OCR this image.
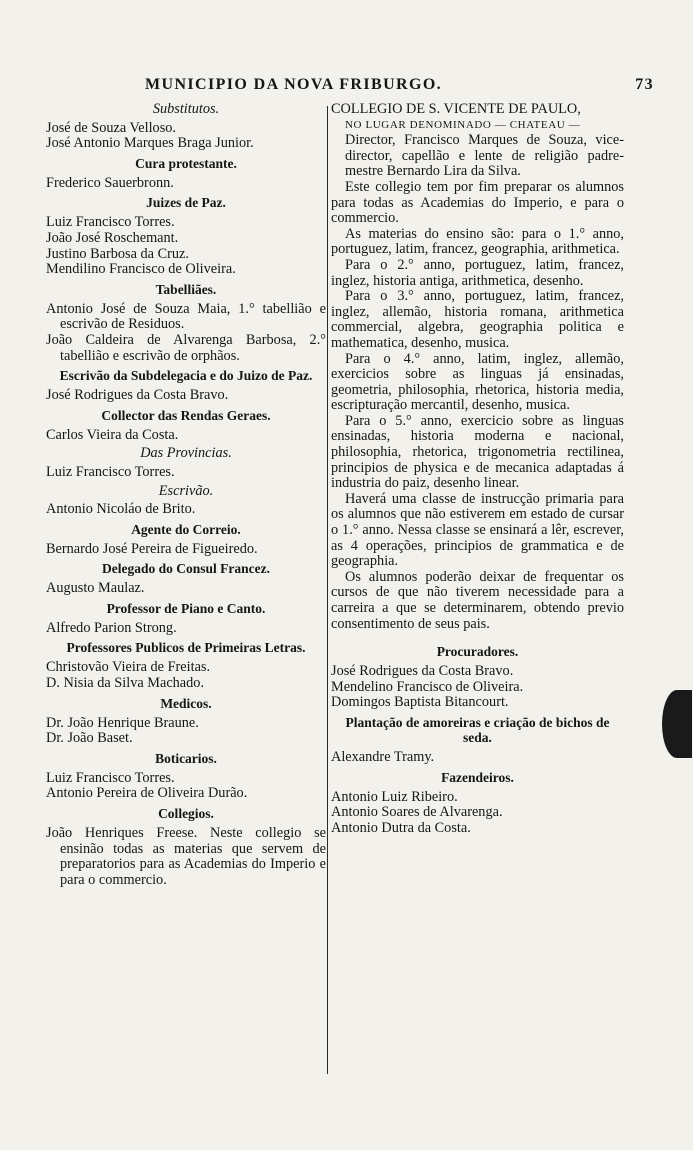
MUNICIPIO DA NOVA FRIBURGO.	73
Substitutos.

José de Souza Velloso.

José Antonio Marques Braga Junior.

Cura protestante.

Frederico Sauerbronn.

Juizes de Paz.

Luiz Francisco Torres.

João José Roschemant.

Justino Barbosa da Cruz.

Mendilino Francisco de Oliveira.

Tabelliães.

Antonio José de Souza Maia, 1.° tabellião e escrivão de Residuos.

João Caldeira de Alvarenga Barbosa, 2.° tabellião e escrivão de orphãos.

Escrivão da Subdelegacia e do Juizo de Paz.

José Rodrigues da Costa Bravo.

Collector das Rendas Geraes.

Carlos Vieira da Costa.

Das Provincias.

Luiz Francisco Torres.

Escrivão.

Antonio Nicoláo de Brito.

Agente do Correio.

Bernardo José Pereira de Figueiredo.

Delegado do Consul Francez.

Augusto Maulaz.

Professor de Piano e Canto.

Alfredo Parion Strong.

Professores Publicos de Primeiras Letras.

Christovão Vieira de Freitas.

D. Nisia da Silva Machado.

Medicos.

Dr. João Henrique Braune.

Dr. João Baset.

Boticarios.

Luiz Francisco Torres.

Antonio Pereira de Oliveira Durão.

Collegios.

João Henriques Freese. Neste collegio se ensinão todas as materias que servem de preparatorios para as Academias do Imperio e para o commercio.

COLLEGIO DE S. VICENTE DE PAULO,

NO LUGAR DENOMINADO — CHATEAU —

Director, Francisco Marques de Souza, vice-director, capellão e lente de religião padre-mestre Bernardo Lira da Silva.

Este collegio tem por fim preparar os alumnos para todas as Academias do Imperio, e para o commercio.

As materias do ensino são: para o 1.° anno, portuguez, latim, francez, geographia, arithmetica.

Para o 2.° anno, portuguez, latim, francez, inglez, historia antiga, arithmetica, desenho.

Para o 3.° anno, portuguez, latim, francez, inglez, allemão, historia romana, arithmetica commercial, algebra, geographia politica e mathematica, desenho, musica.

Para o 4.° anno, latim, inglez, allemão, exercicios sobre as linguas já ensinadas, geometria, philosophia, rhetorica, historia media, escripturação mercantil, desenho, musica.

Para o 5.° anno, exercicio sobre as linguas ensinadas, historia moderna e nacional, philosophia, rhetorica, trigonometria rectilinea, principios de physica e de mecanica adaptadas á industria do paiz, desenho linear.

Haverá uma classe de instrucção primaria para os alumnos que não estiverem em estado de cursar o 1.° anno. Nessa classe se ensinará a lêr, escrever, as 4 operações, principios de grammatica e de geographia.

Os alumnos poderão deixar de frequentar os cursos de que não tiverem necessidade para a carreira a que se determinarem, obtendo previo consentimento de seus pais.

Procuradores.

José Rodrigues da Costa Bravo.

Mendelino Francisco de Oliveira.

Domingos Baptista Bitancourt.

Plantação de amoreiras e criação de bichos de seda.

Alexandre Tramy.

Fazendeiros.

Antonio Luiz Ribeiro.

Antonio Soares de Alvarenga.

Antonio Dutra da Costa.
